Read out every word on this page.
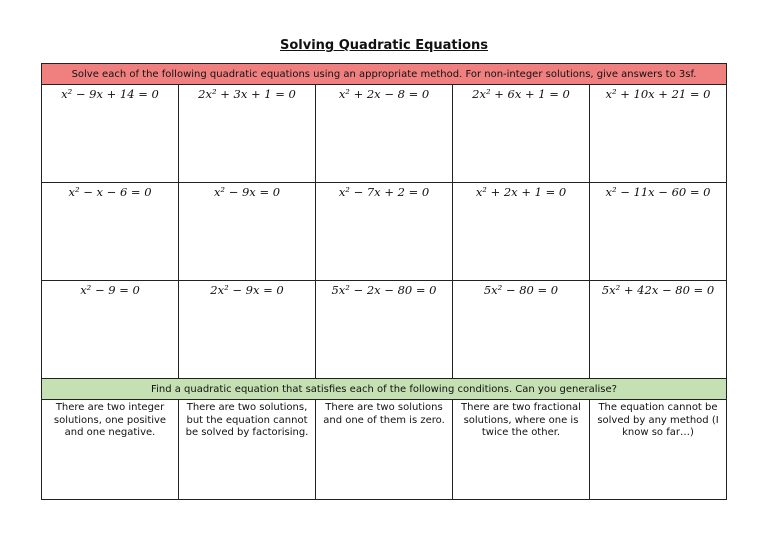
Solving Quadratic Equations
Solve each of the following quadratic equations using an appropriate method. For non-integer solutions, give answers to 3sf.				

x² − 9x + 14 = 0	2x² + 3x + 1 = 0	x² + 2x − 8 = 0	2x² + 6x + 1 = 0	x² + 10x + 21 = 0

x² − x − 6 = 0	x² − 9x = 0	x² − 7x + 2 = 0	x² + 2x + 1 = 0	x² − 11x − 60 = 0

x² − 9 = 0	2x² − 9x = 0	5x² − 2x − 80 = 0	5x² − 80 = 0	5x² + 42x − 80 = 0

Find a quadratic equation that satisfies each of the following conditions. Can you generalise?				

There are two integer solutions, one positive and one negative.	There are two solutions, but the equation cannot be solved by factorising.	There are two solutions and one of them is zero.	There are two fractional solutions, where one is twice the other.	The equation cannot be solved by any method (I know so far…)
